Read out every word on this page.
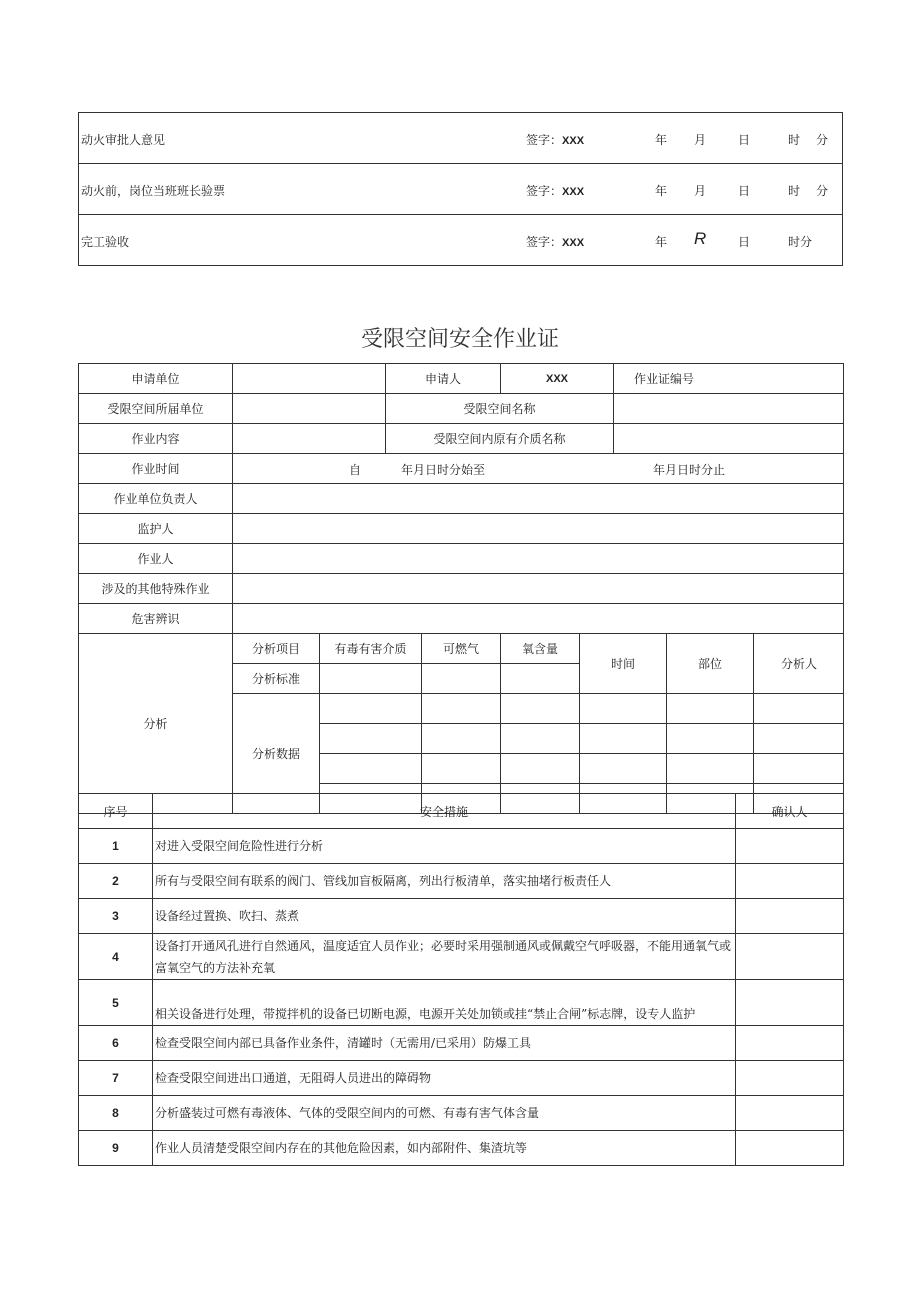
动火审批人意见	签字：XXX	年 月	日	时 分

动火前，岗位当班班长验票	签字：XXX	年 月	日	时 分

完工验收	签字：XXX	年 R	日	时分
受限空间安全作业证
申请单位		申请人	XXX	作业证编号
受限空间所届单位		受限空间名称	
作业内容		受限空间内原有介质名称	
作业时间	自	年月日时分始至	年月日时分止

作业单位负责人	
监护人	
作业人	
涉及的其他特殊作业	
危害辨识	
分析	
分析项目	有毒有害介质	可燃气	氧含量	时间	部位	分析人
分析标准			
分析数据						

序号	安全措施	确认人
1	对进入受限空间危险性进行分析	
2	所有与受限空间有联系的阀门、管线加盲板隔离，列出行板清单，落实抽堵行板责任人	
3	设备经过置换、吹扫、蒸煮	
4	设备打开通风孔进行自然通风，温度适宜人员作业；必要时采用强制通风或佩戴空气呼吸器，不能用通氧气或富氧空气的方法补充氧	
5	相关设备进行处理，带搅拌机的设备已切断电源，电源开关处加锁或挂“禁止合闸”标志牌，设专人监护	
6	检查受限空间内部已具备作业条件，清罐时（无需用/已采用）防爆工具	
7	检查受限空间进出口通道，无阻碍人员进出的障碍物	
8	分析盛装过可燃有毒液体、气体的受限空间内的可燃、有毒有害气体含量	
9	作业人员清楚受限空间内存在的其他危险因素，如内部附件、集渣坑等	
